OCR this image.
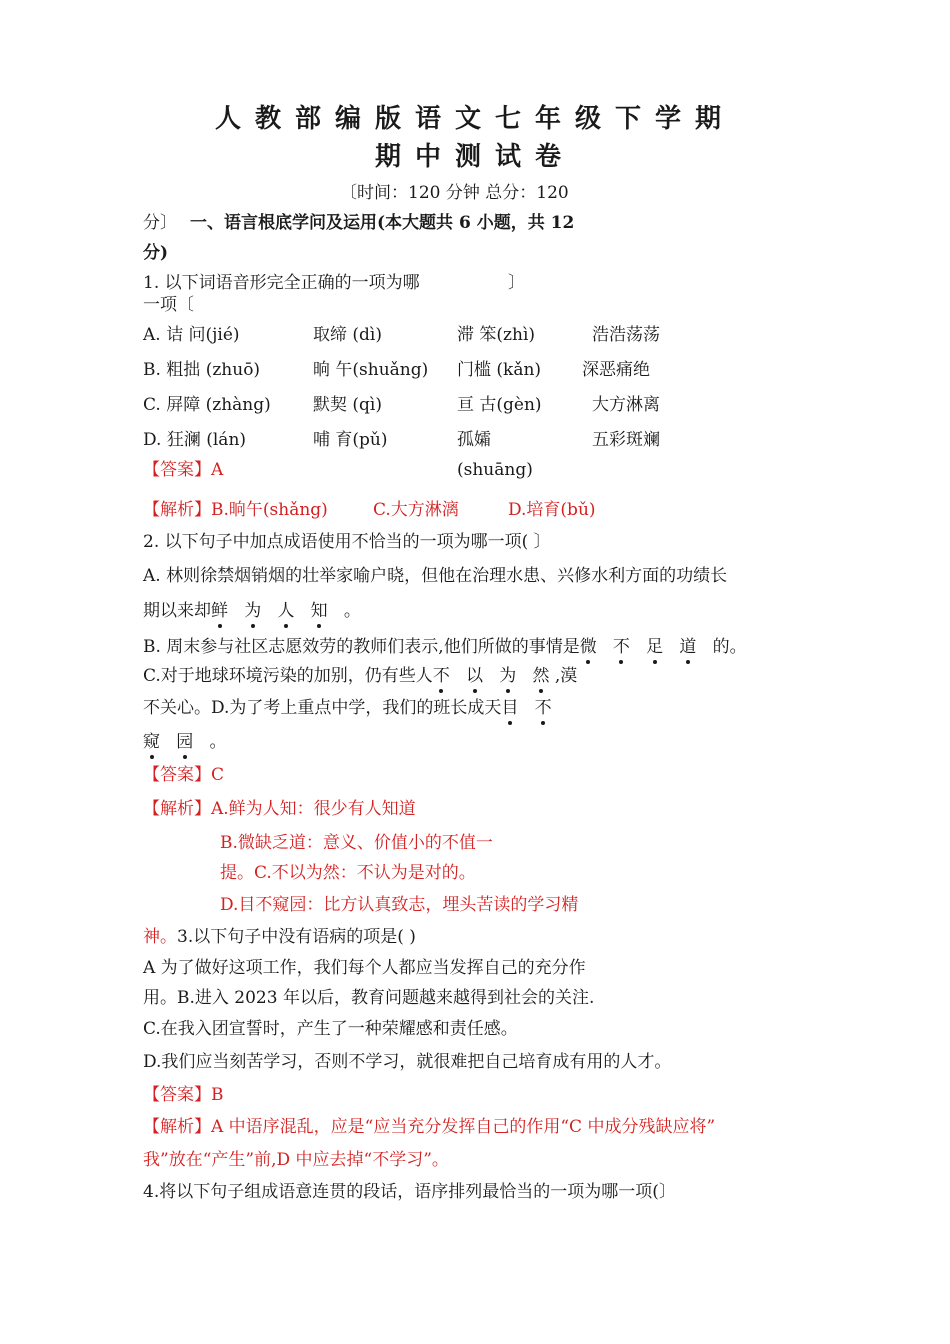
人教部编版语文七年级下学期
期中测试卷
〔时间：120 分钟 总分：120
分〕 一、语言根底学问及运用(本大题共 6 小题，共 12
分)
1. 以下词语音形完全正确的一项为哪	〕
一项〔
A. 诘 问(jié)	取缔 (dì)	滞 笨(zhì)	浩浩荡荡
B. 粗拙 (zhuō)	晌 午(shuǎng) 门槛 (kǎn) 深恶痛绝
C. 屏障 (zhàng) 默契 (qì)	亘 古(gèn)	大方淋离
D. 狂澜 (lán)	哺 育(pǔ)	孤孀	五彩斑斓
(shuāng)
【答案】A
【解析】B.晌午(shǎng)	C.大方淋漓	D.培育(bǔ)
2. 以下句子中加点成语使用不恰当的一项为哪一项( 〕
A. 林则徐禁烟销烟的壮举家喻户晓，但他在治理水患、兴修水利方面的功绩长
期以来却鲜 为 人 知 。
B. 周末参与社区志愿效劳的教师们表示,他们所做的事情是微 不 足 道 的。
C.对于地球环境污染的加别，仍有些人不 以 为 然 ,漠
不关心。D.为了考上重点中学，我们的班长成天目 不
窥 园 。
【答案】C
【解析】A.鲜为人知：很少有人知道
B.微缺乏道：意义、价值小的不值一
提。C.不以为然：不认为是对的。
D.目不窥园：比方认真致志，埋头苦读的学习精
神。3.以下句子中没有语病的项是( )
A 为了做好这项工作，我们每个人都应当发挥自己的充分作
用。B.进入 2023 年以后，教育问题越来越得到社会的关注.
C.在我入团宣誓时，产生了一种荣耀感和责任感。
D.我们应当刻苦学习，否则不学习，就很难把自己培育成有用的人才。
【答案】B
【解析】A 中语序混乱，应是“应当充分发挥自己的作用“C 中成分残缺应将”
我”放在“产生”前,D 中应去掉“不学习”。
4.将以下句子组成语意连贯的段话，语序排列最恰当的一项为哪一项(〕
